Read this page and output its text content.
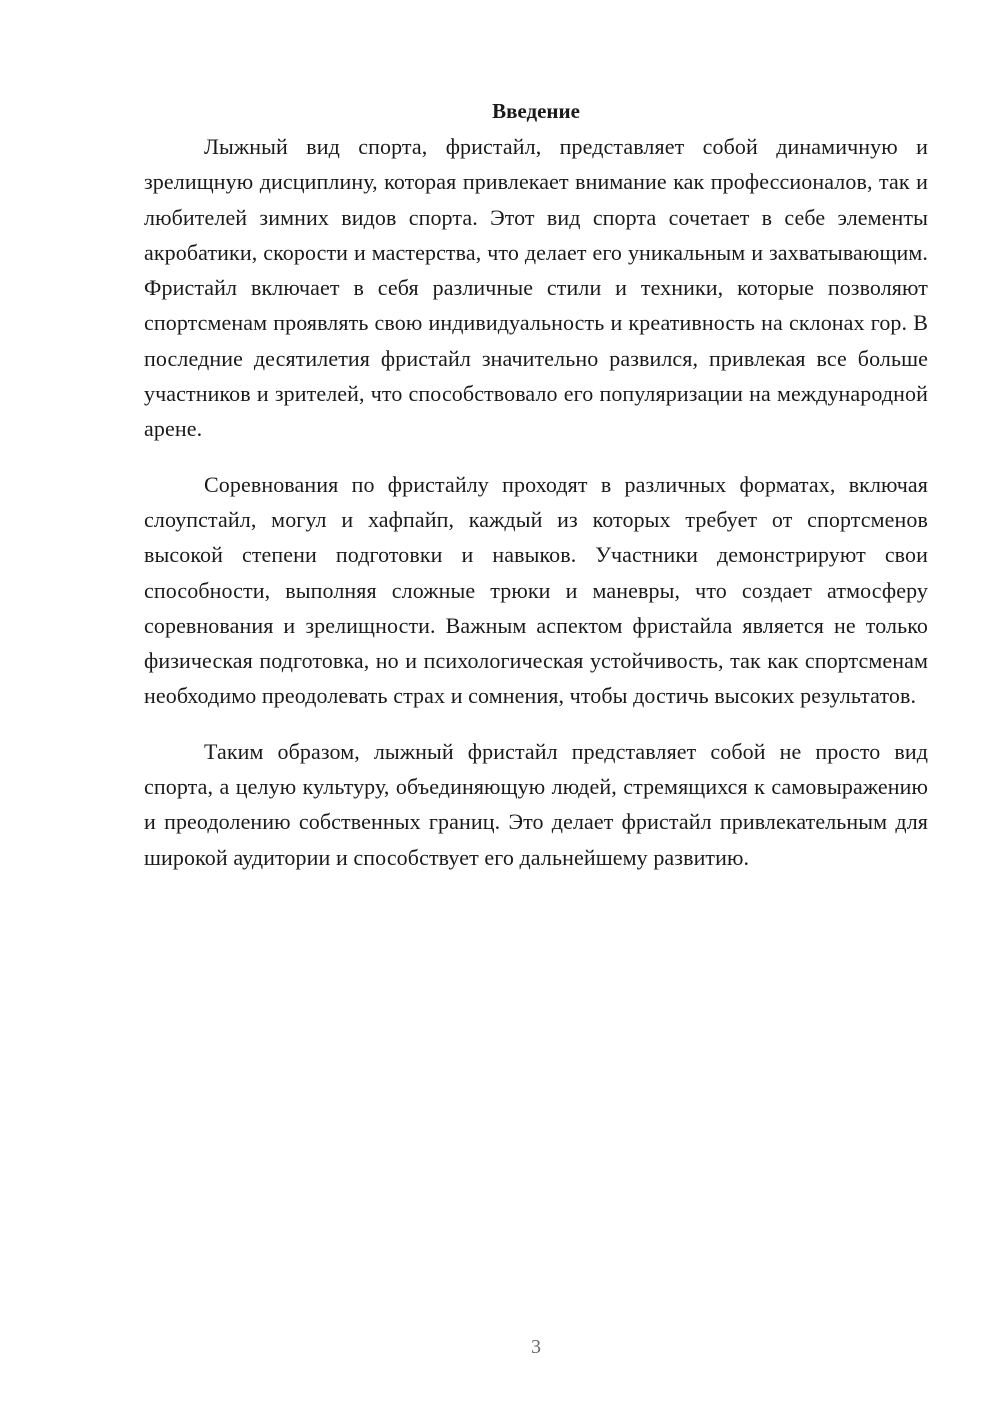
Введение

Лыжный вид спорта, фристайл, представляет собой динамичную и зрелищную дисциплину, которая привлекает внимание как профессионалов, так и любителей зимних видов спорта. Этот вид спорта сочетает в себе элементы акробатики, скорости и мастерства, что делает его уникальным и захватывающим. Фристайл включает в себя различные стили и техники, которые позволяют спортсменам проявлять свою индивидуальность и креативность на склонах гор. В последние десятилетия фристайл значительно развился, привлекая все больше участников и зрителей, что способствовало его популяризации на международной арене.

Соревнования по фристайлу проходят в различных форматах, включая слоупстайл, могул и хафпайп, каждый из которых требует от спортсменов высокой степени подготовки и навыков. Участники демонстрируют свои способности, выполняя сложные трюки и маневры, что создает атмосферу соревнования и зрелищности. Важным аспектом фристайла является не только физическая подготовка, но и психологическая устойчивость, так как спортсменам необходимо преодолевать страх и сомнения, чтобы достичь высоких результатов.

Таким образом, лыжный фристайл представляет собой не просто вид спорта, а целую культуру, объединяющую людей, стремящихся к самовыражению и преодолению собственных границ. Это делает фристайл привлекательным для широкой аудитории и способствует его дальнейшему развитию.

3
